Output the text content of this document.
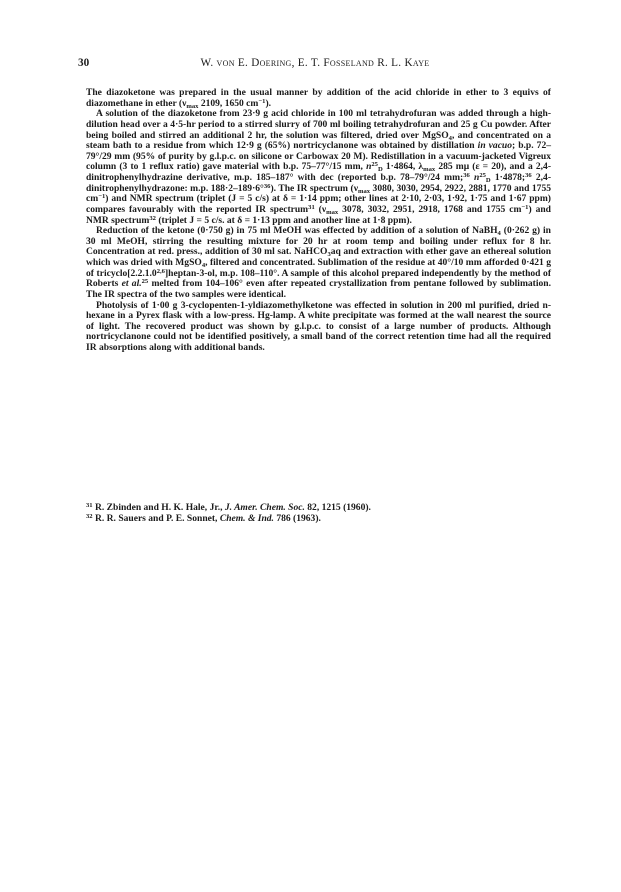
30	W. von E. Doering, E. T. Fosseland R. L. Kaye

The diazoketone was prepared in the usual manner by addition of the acid chloride in ether to 3 equivs of diazomethane in ether ($\nu_{max}$ 2109, 1650 $cm^{-1}$).

A solution of the diazoketone from 23·9 g acid chloride in 100 ml tetrahydrofuran was added through a high-dilution head over a 4·5-hr period to a stirred slurry of 700 ml boiling tetrahydrofuran and 25 g Cu powder. After being boiled and stirred an additional 2 hr, the solution was filtered, dried over MgSO$_4$, and concentrated on a steam bath to a residue from which 12·9 g (65%) nortricyclanone was obtained by distillation in vacuo; b.p. 72–79°/29 mm (95% of purity by g.l.p.c. on silicone or Carbowax 20 M). Redistillation in a vacuum-jacketed Vigreux column (3 to 1 reflux ratio) gave material with b.p. 75–77°/15 mm, $n^{25}_D$ 1·4864, $\lambda_{max}$ 285 mμ (ε = 20), and a 2,4-dinitrophenylhydrazine derivative, m.p. 185–187° with dec (reported b.p. 78–79°/24 mm;$^{36}$ $n^{25}_D$ 1·4878;$^{36}$ 2,4-dinitrophenylhydrazone: m.p. 188·2–189·6°$^{36}$). The IR spectrum ($\nu_{max}$ 3080, 3030, 2954, 2922, 2881, 1770 and 1755 $cm^{-1}$) and NMR spectrum (triplet (J = 5 c/s) at δ = 1·14 ppm; other lines at 2·10, 2·03, 1·92, 1·75 and 1·67 ppm) compares favourably with the reported IR spectrum$^{31}$ ($\nu_{max}$ 3078, 3032, 2951, 2918, 1768 and 1755 $cm^{-1}$) and NMR spectrum$^{32}$ (triplet J = 5 c/s. at δ = 1·13 ppm and another line at 1·8 ppm).

Reduction of the ketone (0·750 g) in 75 ml MeOH was effected by addition of a solution of NaBH$_4$ (0·262 g) in 30 ml MeOH, stirring the resulting mixture for 20 hr at room temp and boiling under reflux for 8 hr. Concentration at red. press., addition of 30 ml sat. NaHCO$_3$aq and extraction with ether gave an ethereal solution which was dried with MgSO$_4$, filtered and concentrated. Sublimation of the residue at 40°/10 mm afforded 0·421 g of tricyclo[2.2.1.0$^{2,6}$]heptan-3-ol, m.p. 108–110°. A sample of this alcohol prepared independently by the method of Roberts et al.$^{25}$ melted from 104–106° even after repeated crystallization from pentane followed by sublimation. The IR spectra of the two samples were identical.

Photolysis of 1·00 g 3-cyclopenten-1-yldiazomethylketone was effected in solution in 200 ml purified, dried n-hexane in a Pyrex flask with a low-press. Hg-lamp. A white precipitate was formed at the wall nearest the source of light. The recovered product was shown by g.l.p.c. to consist of a large number of products. Although nortricyclanone could not be identified positively, a small band of the correct retention time had all the required IR absorptions along with additional bands.

$^{31}$ R. Zbinden and H. K. Hale, Jr., J. Amer. Chem. Soc. 82, 1215 (1960).

$^{32}$ R. R. Sauers and P. E. Sonnet, Chem. & Ind. 786 (1963).
